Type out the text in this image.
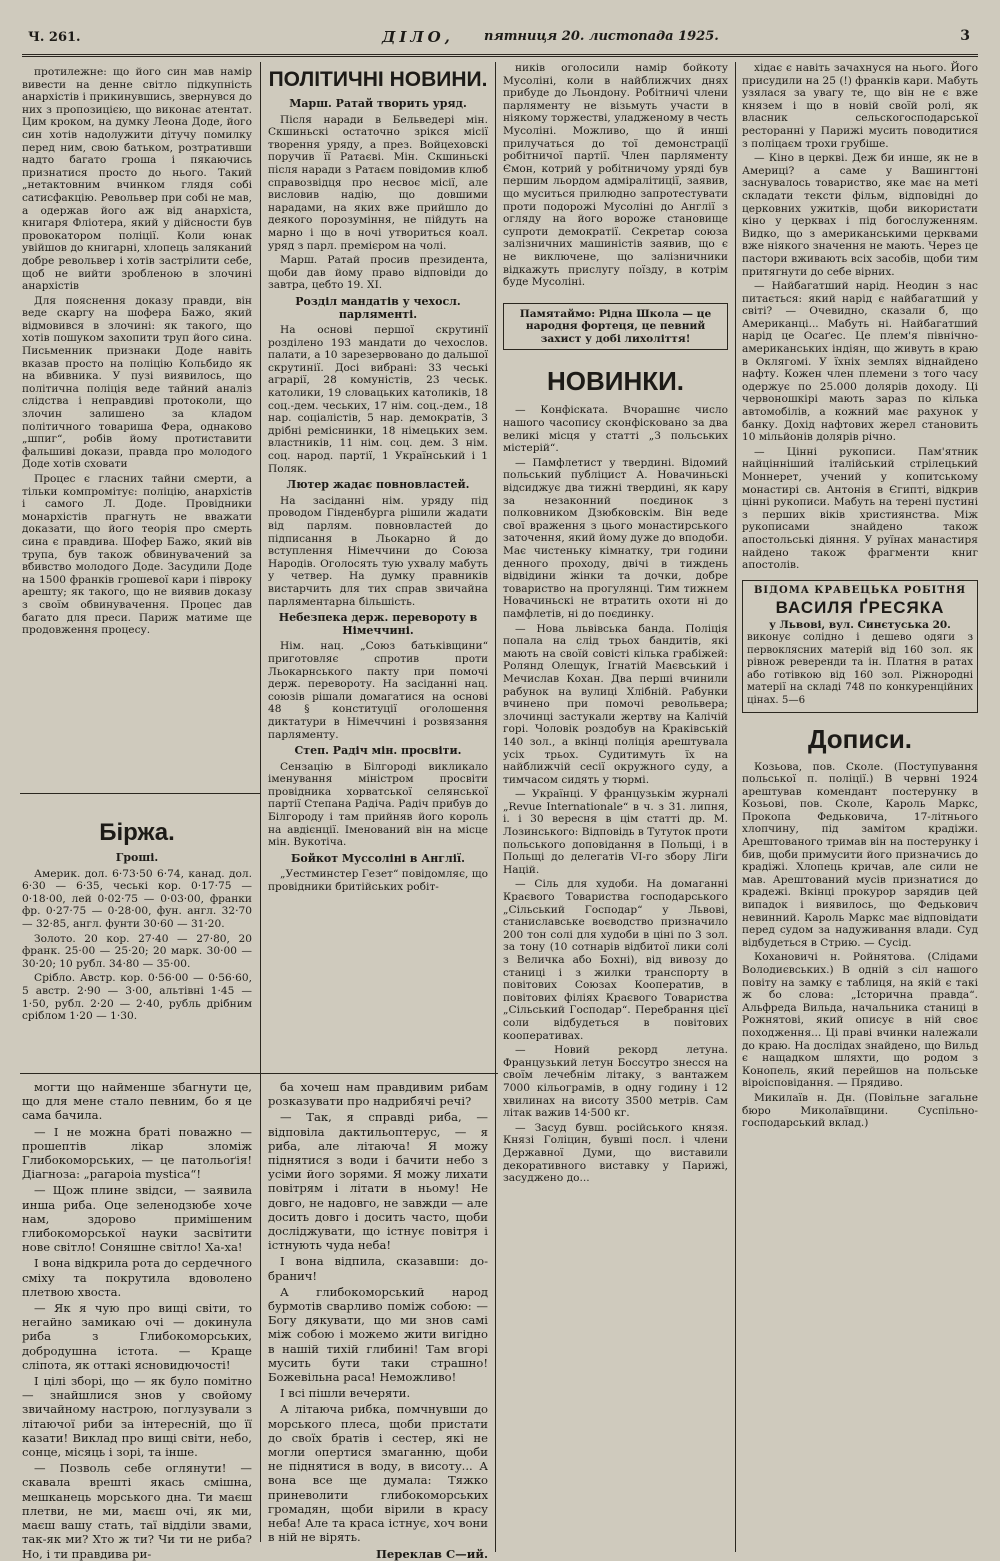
Ч. 261.	ДІЛО, пятниця 20. листопада 1925.	3

протилежне: що його син мав намір вивести на денне світло підкупність анархістів і прикинувшись, звернувся до них з пропозицією, що виконає атентат. Цим кроком, на думку Леона Доде, його син хотів надолужити дітучу помилку перед ним, свою батьком, розтративши надто багато гроша і пякаючись признатися просто до нього. Такий „нетактовним вчинком глядя собі сатисфакцію. Револьвер при собі не мав, а одержав його аж від анархіста, книгаря Фліотера, який у дійсности був провокатором поліції. Коли юнак увійшов до книгарні, хлопець заляканий добре револьвер і хотів застрілити себе, щоб не вийти зробленою в злочині анархістів

Для пояснення доказу правди, він веде скаргу на шофера Бажо, який відмовився в злочині: як такого, що хотів пошуком захопити труп його сина. Письменник признаки Доде навіть вказав просто на поліцію Кольбидо як на вбивника. У пузі виявилось, що політична поліція веде тайний аналіз слідства і неправдиві протоколи, що злочин залишено за кладом політичного товариша Фера, однаково „шпиг“, робів йому протиставити фальшиві докази, правда про молодого Доде хотів сховати

Процес є гласних тайни смерти, а тільки компромітує: поліцію, анархістів і самого Л. Доде. Провідники монархістів прагнуть не вважати доказати, що його теорія про смерть сина є правдива. Шофер Бажо, який вів трупа, був також обвинувачений за вбивство молодого Доде. Засудили Доде на 1500 франків грошевої кари і півроку арешту; як такого, що не виявив доказу з своїм обвинувачення. Процес дав багато для преси. Париж матиме ще продовження процесу.

Біржа.

Гроші.

Америк. дол. 6·73·50 6·74, канад. дол. 6·30 — 6·35, чеські кор. 0·17·75 — 0·18·00, лей 0·02·75 — 0·03·00, франки фр. 0·27·75 — 0·28·00, фун. англ. 32·70 — 32·85, англ. фунти 30·60 — 31·20.

Золото. 20 кор. 27·40 — 27·80, 20 франк. 25·00 — 25·20; 20 марк. 30·00 — 30·20; 10 рубл. 34·80 — 35·00.

Срібло. Австр. кор. 0·56·00 — 0·56·60, 5 австр. 2·90 — 3·00, альтівні 1·45 — 1·50, рубл. 2·20 — 2·40, рубль дрібним сріблом 1·20 — 1·30.

ПОЛІТИЧНІ НОВИНИ.

Марш. Ратай творить уряд.

Після наради в Бельведері мін. Скшиньскі остаточно зрікся місії творення уряду, а през. Войцеховскі поручив її Ратаєві. Мін. Скшиньскі після наради з Ратаєм повідомив клюб справозвідця про несвоє місії, але висловив надію, що довшими нарадами, на яких вже прийшло до деякого порозуміння, не пійдуть на марно і що в ночі утвориться коал. уряд з парл. премієром на чолі.

Марш. Ратай просив президента, щоби дав йому право відповіди до завтра, цебто 19. XI.

Розділ мандатів у чехосл. парляменті.

На основі першої скрутинії розділено 193 мандати до чехослов. палати, а 10 зарезервовано до дальшої скрутинії. Досі вибрані: 33 чеські аграрії, 28 комуністів, 23 чеськ. католики, 19 словацьких католиків, 18 соц.-дем. чеських, 17 нім. соц.-дем., 18 нар. соціалістів, 5 нар. демократів, 3 дрібні реміснинки, 18 німецьких зем. властників, 11 нім. соц. дем. 3 нім. соц. народ. партії, 1 Український і 1 Поляк.

Лютер жадає повновластей.

На засіданні нім. уряду під проводом Гінденбурга рішили жадати від парлям. повновластей до підписання в Льокарно й до вступлення Німеччини до Союза Народів. Оголосять тую ухвалу мабуть у четвер. На думку правників вистарчить для тих справ звичайна парляментарна більшість.

Небезпека держ. перевороту в Німеччині.

Нім. нац. „Союз батьківщини“ приготовляє спротив проти Льокарнського пакту при помочі держ. перевороту. На засіданні нац. союзів рішали домагатися на основі 48 § конституції оголошення диктатури в Німеччині і розвязання парляменту.

Степ. Радіч мін. просвіти.

Сензацію в Білгороді викликало іменування міністром просвіти провідника хорватської селянської партії Степана Радіча. Радіч прибув до Білгороду і там прийняв його король на авдієнції. Іменований він на місце мін. Вукотіча.

Бойкот Муссоліні в Англії.

„Уестминстер Гезет“ повідомляє, що провідники бритійських робіт-

ників оголосили намір бойкоту Мусоліні, коли в найближчих днях прибуде до Льондону. Робітничі члени парляменту не візьмуть участи в ніякому торжестві, уладженому в честь Мусоліні. Можливо, що й инші прилучаться до тої демонстрації робітничої партії. Член парляменту Ємон, котрий у робітничому уряді був першим льордом адміралітиції, заявив, що муситься прилюдно запротестувати проти подорожі Мусоліні до Англії з огляду на його вороже становище супроти демократії. Секретар союза залізничних машиністів заявив, що є не виключене, що залізничники відкажуть прислугу поїзду, в котрім буде Мусоліні.

Памятаймо: Рідна Школа — це народня фортеця, це певний захист у добі лихоліття!

НОВИНКИ.

— Конфіската. Вчорашнє число нашого часопису сконфісковано за два великі місця у статті „З польських містерій“.

— Памфлетист у твердині. Відомий польський публіцист А. Новачиньскі відсиджує два тижні твердині, як кару за незаконний поєдинок з полковником Дзюбковскім. Він веде свої враження з цього монастирського заточення, який йому дуже до вподоби. Має чистеньку кімнатку, три години денного проходу, двічі в тиждень відвідини жінки та дочки, добре товариство на прогулянці. Тим тижнем Новачиньскі не втратить охоти ні до памфлетів, ні до поєдинку.

— Нова львівська банда. Поліція попала на слід трьох бандитів, які мають на своїй совісті кілька грабіжей: Ролянд Олещук, Ігнатій Маєвський і Мечислав Кохан. Два перші вчинили рабунок на вулиці Хлібній. Рабунки вчинено при помочі револьвера; злочинці застукали жертву на Калічій горі. Чоловік роздобув на Краківській 140 зол., а вкінці поліція арештувала усіх трьох. Судитимуть їх на найближчій сесії окружного суду, а тимчасом сидять у тюрмі.

— Українці. У французькім журналі „Revue Internationale“ в ч. з 31. липня, і. і 30 вересня в цім статті др. М. Лозинського: Відповідь в Тутуток проти польського доповідання в Польщі, і в Польщі до делегатів VI-го збору Ліґи Націй.

— Сіль для худоби. На домаганні Краєвого Товариства господарського „Сільський Господар“ у Львові, станиславське воєводство призначило 200 тон солі для худоби в ціні по 3 зол. за тону (10 сотнарів відбитої лики солі з Величка або Бохні), від вивозу до станиці і з жилки транспорту в повітових Союзах Кооператив, в повітових філіях Краєвого Товариства „Сільський Господар“. Перебрання цієї соли відбудеться в повітових кооперативах.

— Новий рекорд летуна. Французький летун Боссутро знесся на своїм лечебнім літаку, з вантажем 7000 кільограмів, в одну годину і 12 хвилинах на висоту 3500 метрів. Сам літак важив 14·500 кг.

— Засуд бувш. російського князя. Князі Голіцин, бувші посл. і члени Державної Думи, що виставили декоративного виставку у Парижі, засуджено до...

хідає є навіть зачахнуся на нього. Його присудили на 25 (!) франків кари. Мабуть узялася за увагу те, що він не є вже князем і що в новій своїй ролі, як власник сельскогосподарської ресторанні у Парижі мусить поводитися з поліцаєм трохи грубіше.

— Кіно в церкві. Деж би инше, як не в Америці? а саме у Вашингтоні заснувалось товариство, яке має на меті складати тексти фільм, відповідні до церковних ужитків, щоби використати кіно у церквах і під богослуженням. Видко, що з американськими церквами вже ніякого значення не мають. Через це пастори вживають всіх засобів, щоби тим притягнути до себе вірних.

— Найбагатший нарід. Неодин з нас питається: який нарід є найбагатший у світі? — Очевидно, сказали б, що Американці... Мабуть ні. Найбагатший нарід це Осаґес. Це плем'я північно-американських індіян, що живуть в краю в Оклягомі. У їхніх землях віднайдено нафту. Кожен член племени з того часу одержує по 25.000 долярів доходу. Ці червоношкірі мають зараз по кілька автомобілів, а кожний має рахунок у банку. Дохід нафтових жерел становить 10 мільйонів долярів річно.

— Цінні рукописи. Пам'ятник найцінніший італійський стрілецький Моннерет, учений у копитському монастирі св. Антонія в Єгипті, відкрив цінні рукописи. Мабуть на терені пустині з перших віків християнства. Між рукописами знайдено також апостольські діяння. У руїнах манастиря найдено також фрагменти книг апостолів.

ВІДОМА КРАВЕЦЬКА РОБІТНЯ
ВАСИЛЯ ҐРЕСЯКА
у Львові, вул. Синєтуська 20.
виконує солідно і дешево одяги з первоклясних матерій від 160 зол. як рівнож реверенди та ін. Платня в ратах або готівкою від 160 зол. Ріжнородні матерії на складі 748 по конкуренційних цінах. 5—6

Дописи.

Козьова, пов. Сколе. (Поступування польської п. поліції.) В червні 1924 арештував комендант постерунку в Козьові, пов. Сколе, Кароль Маркс, Прокопа Федьковича, 17-літнього хлопчину, під замітом крадіжи. Арештованого тримав він на постерунку і бив, щоби примусити його призначись до крадіжі. Хлопець кричав, але сили не мав. Арештований мусів признатися до крадежі. Вкінці прокурор зарядив цей випадок і виявилось, що Федькович невинний. Кароль Маркс має відповідати перед судом за надуживання влади. Суд відбудеться в Стрию. — Сусід.

Кохановичі н. Ройнятова. (Слідами Володиєвських.) В одній з сіл нашого повіту на замку є таблиця, на якій є такі ж бо слова: „Історична правда“. Альфреда Вильда, начальника станиці в Рожнятові, який описує в ній своє походження... Ці праві вчинки належали до краю. На дослідах знайдено, що Вильд є нащадком шляхти, що родом з Конопель, який перейшов на польське віроісповідання. — Прядиво.

Микилаїв н. Дн. (Повільне загальне бюро Миколаївщини. Суспільно-господарський вклад.)

могти що найменше збагнути це, що для мене стало певним, бо я це сама бачила.

— І не можна браті поважно — прошептів лікар зломіж Глибокоморських, — це патольоґія! Діагноза: „parapoia mystica“!

— Щож плине звідси, — заявила инша риба. Оце зеленодзюбе хоче нам, здорово примішеним глибокоморської науки засвітити нове світло! Соняшне світло! Ха-ха!

І вона відкрила рота до сердечного сміху та покрутила вдоволено плетвою хвоста.

— Як я чую про вищі світи, то негайно замикаю очі — докинула риба з Глибокоморських, добродушна істота. — Краще сліпота, як оттакі ясновидючості!

І цілі зборі, що — як було помітно — знайшлися знов у свойому звичайному настрою, поглузували з літаючої риби за інтересній, що її казати! Виклад про вищі світи, небо, сонце, місяць і зорі, та інше.

— Позволь себе оглянути! — скавала врешті якась смішна, мешканець морського дна. Ти маєш плетви, не ми, маєш очі, як ми, маєш вашу стать, таї відділи звами, так-як ми? Хто ж ти? Чи ти не риба? Но, і ти правдива ри-

ба хочеш нам правдивим рибам розказувати про надрибячі речі?

— Так, я справді риба, — відповіла дактильоптерус, — я риба, але літаюча! Я можу піднятися з води і бачити небо з усіми його зорями. Я можу лихати повітрям і літати в ньому! Не довго, не надовго, не завжди — але досить довго і досить часто, щоби досліджувати, що істнує повітря і істнують чуда неба!

І вона відпила, сказавши: до-бранич!

А глибокоморський народ бурмотів сварливо поміж собою: — Богу дякувати, що ми знов самі між собою і можемо жити вигідно в нашій тихій глибині! Там вгорі мусить бути таки страшно! Божевільна раса! Неможливо!

І всі пішли вечеряти.

А літаюча рибка, помчнувши до морського плеса, щоби пристати до своїх братів і сестер, які не могли опертися змаганню, щоби не піднятися в воду, в висоту... А вона все ще думала: Тяжко приневолити глибокоморських громадян, щоби вірили в красу неба! Але та краса істнує, хоч вони в ній не вірять.

Переклав С—ий.
